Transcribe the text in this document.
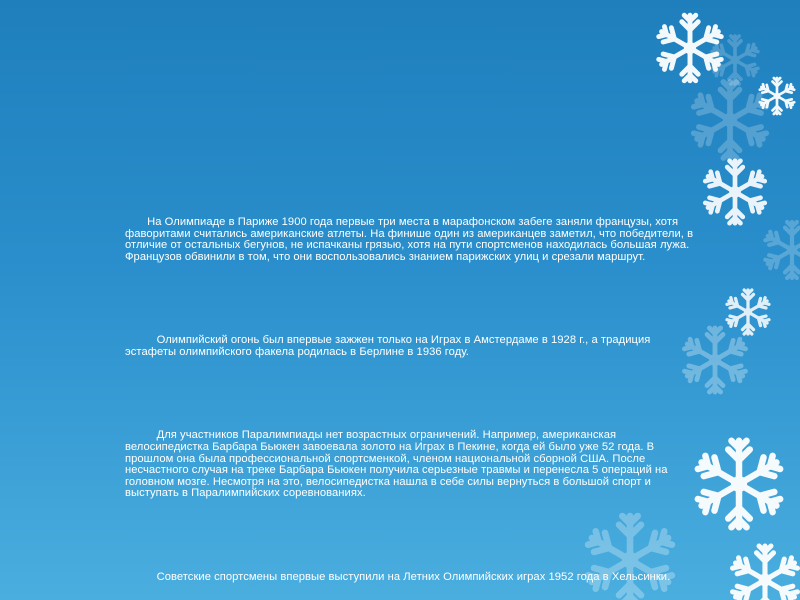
На Олимпиаде в Париже 1900 года первые три места в марафонском забеге заняли французы, хотя фаворитами считались американские атлеты. На финише один из американцев заметил, что победители, в отличие от остальных бегунов, не испачканы грязью, хотя на пути спортсменов находилась большая лужа. Французов обвинили в том, что они воспользовались знанием парижских улиц и срезали маршрут.

Олимпийский огонь был впервые зажжен только на Играх в Амстердаме в 1928 г., а традиция эстафеты олимпийского факела родилась в Берлине в 1936 году.

Для участников Паралимпиады нет возрастных ограничений. Например, американская велосипедистка Барбара Бьюкен завоевала золото на Играх в Пекине, когда ей было уже 52 года. В прошлом она была профессиональной спортсменкой, членом национальной сборной США. После несчастного случая на треке Барбара Бьюкен получила серьезные травмы и перенесла 5 операций на головном мозге. Несмотря на это, велосипедистка нашла в себе силы вернуться в большой спорт и выступать в Паралимпийских соревнованиях.

Советские спортсмены впервые выступили на Летних Олимпийских играх 1952 года в Хельсинки.
